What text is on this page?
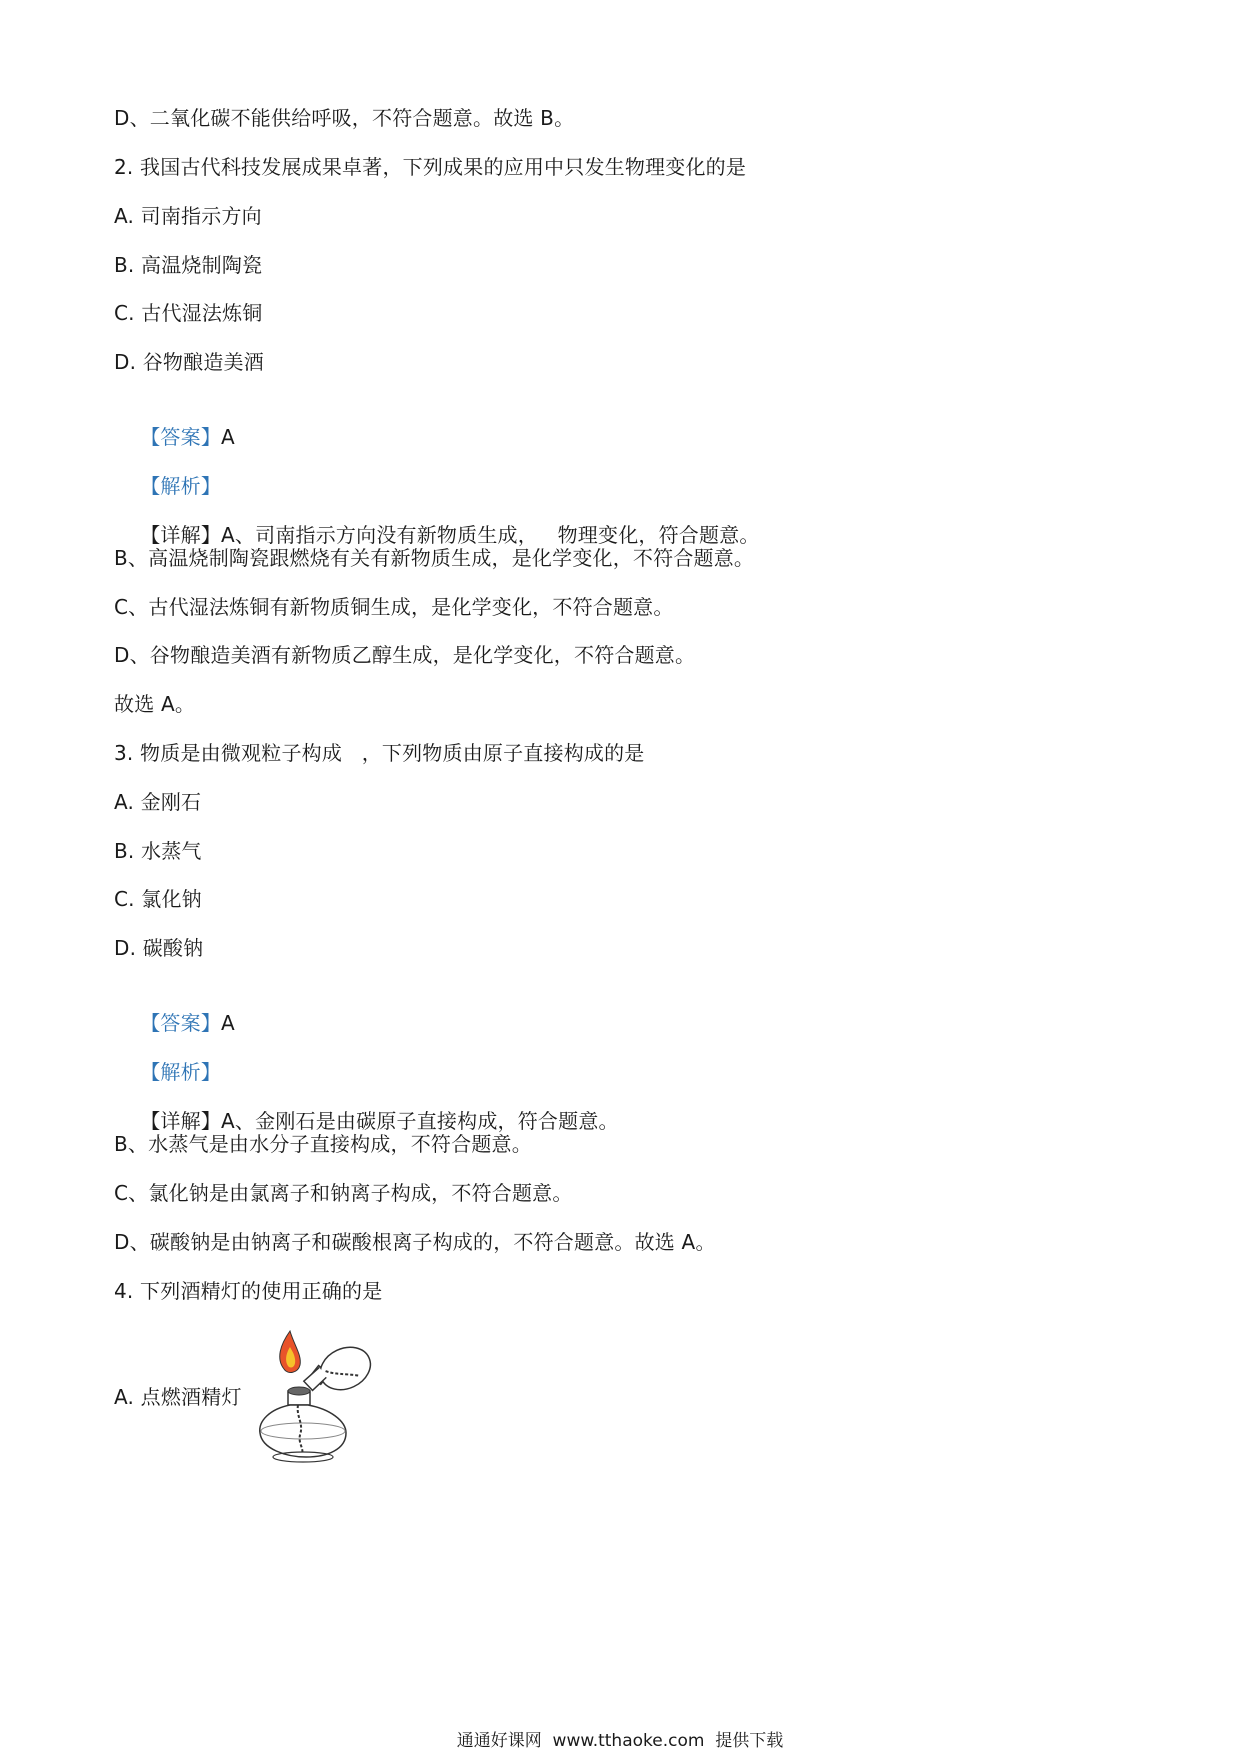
D、二氧化碳不能供给呼吸，不符合题意。故选 B。
2. 我国古代科技发展成果卓著，下列成果的应用中只发生物理变化的是
A. 司南指示方向
B. 高温烧制陶瓷
C. 古代湿法炼铜
D. 谷物酿造美酒

【答案】A

【解析】

【详解】A、司南指示方向没有新物质生成，   物理变化，符合题意。

B、高温烧制陶瓷跟燃烧有关有新物质生成，是化学变化，不符合题意。
C、古代湿法炼铜有新物质铜生成，是化学变化，不符合题意。
D、谷物酿造美酒有新物质乙醇生成，是化学变化，不符合题意。
故选 A。
3. 物质是由微观粒子构成   ，下列物质由原子直接构成的是
A. 金刚石
B. 水蒸气
C. 氯化钠
D. 碳酸钠

【答案】A

【解析】

【详解】A、金刚石是由碳原子直接构成，符合题意。

B、水蒸气是由水分子直接构成，不符合题意。
C、氯化钠是由氯离子和钠离子构成，不符合题意。
D、碳酸钠是由钠离子和碳酸根离子构成的，不符合题意。故选 A。
4. 下列酒精灯的使用正确的是
A. 点燃酒精灯
通通好课网  www.tthaoke.com  提供下载
